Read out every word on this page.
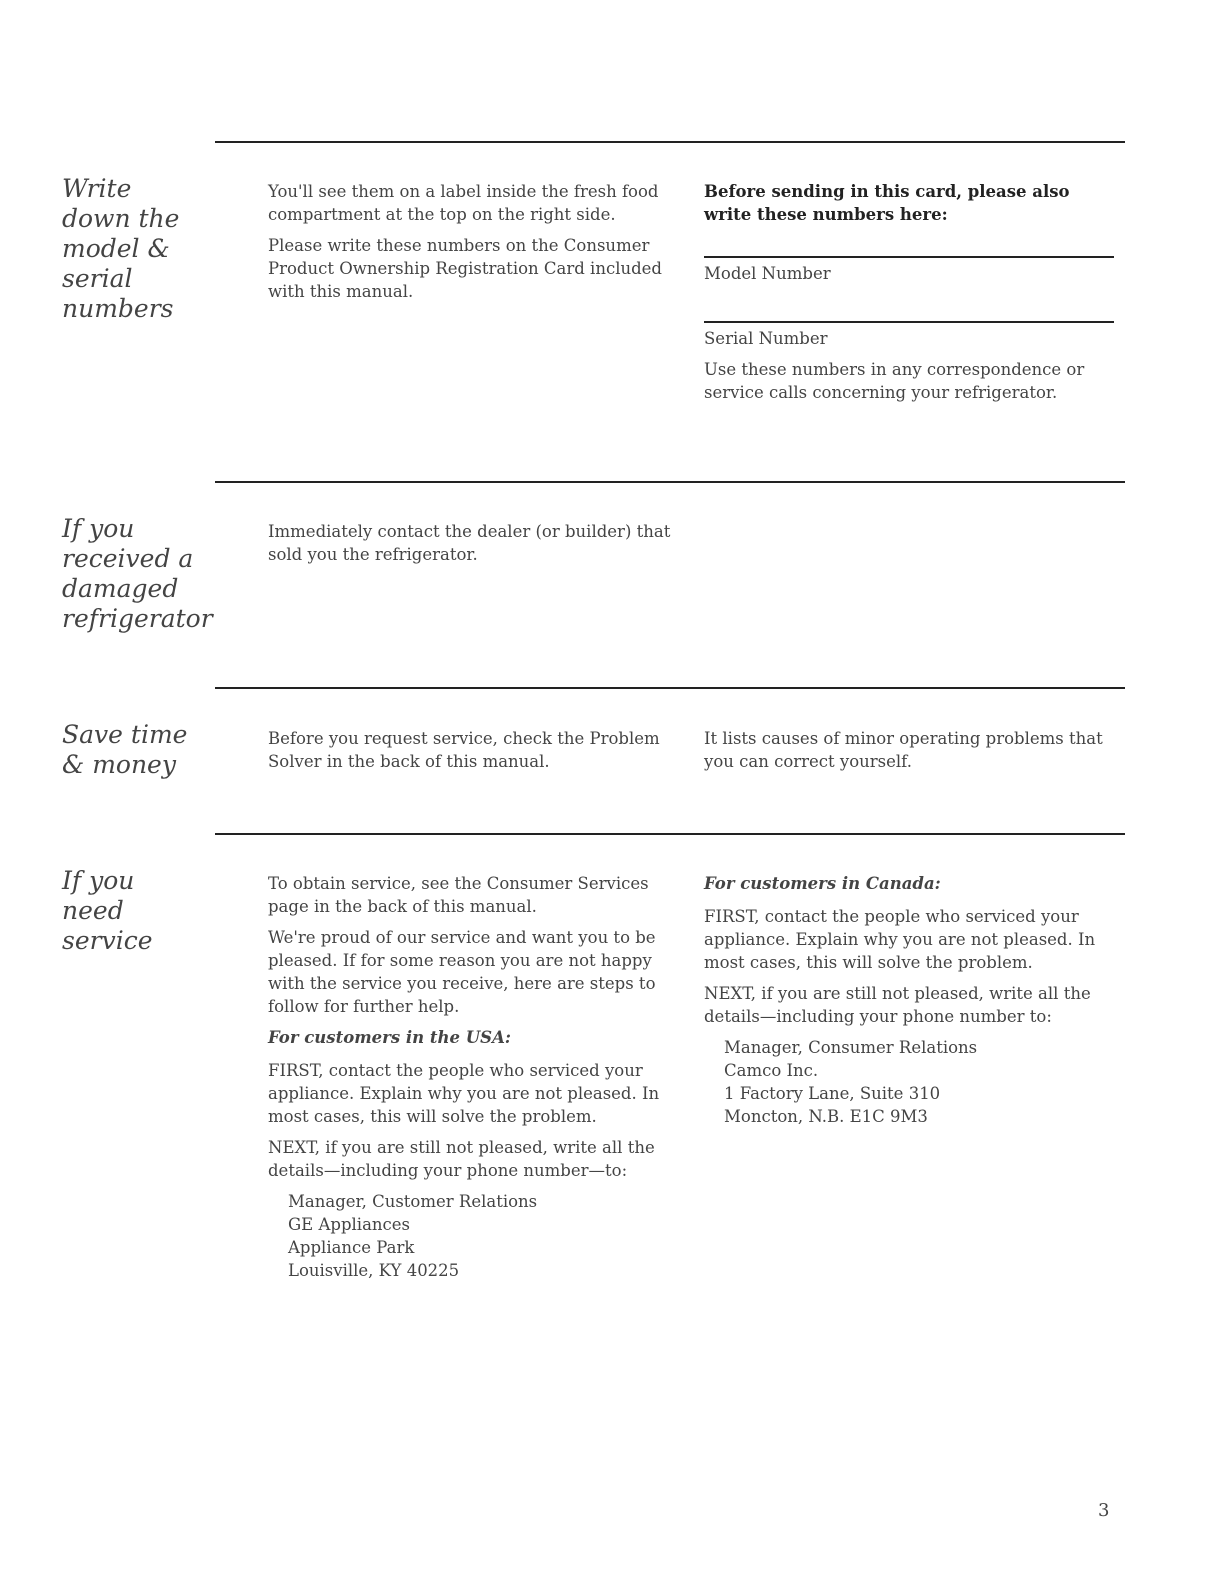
Write
down the
model &
serial
numbers

You'll see them on a label inside the fresh food compartment at the top on the right side.

Please write these numbers on the Consumer Product Ownership Registration Card included with this manual.

Before sending in this card, please also write these numbers here:

Model Number

Serial Number

Use these numbers in any correspondence or service calls concerning your refrigerator.

If you
received a
damaged
refrigerator

Immediately contact the dealer (or builder) that sold you the refrigerator.

Save time
& money

Before you request service, check the Problem Solver in the back of this manual.

It lists causes of minor operating problems that you can correct yourself.

If you
need
service

To obtain service, see the Consumer Services page in the back of this manual.

We're proud of our service and want you to be pleased. If for some reason you are not happy with the service you receive, here are steps to follow for further help.

For customers in the USA:

FIRST, contact the people who serviced your appliance. Explain why you are not pleased. In most cases, this will solve the problem.

NEXT, if you are still not pleased, write all the details—including your phone number—to:

Manager, Customer Relations
GE Appliances
Appliance Park
Louisville, KY 40225

For customers in Canada:

FIRST, contact the people who serviced your appliance. Explain why you are not pleased. In most cases, this will solve the problem.

NEXT, if you are still not pleased, write all the details—including your phone number to:

Manager, Consumer Relations
Camco Inc.
1 Factory Lane, Suite 310
Moncton, N.B. E1C 9M3
3
